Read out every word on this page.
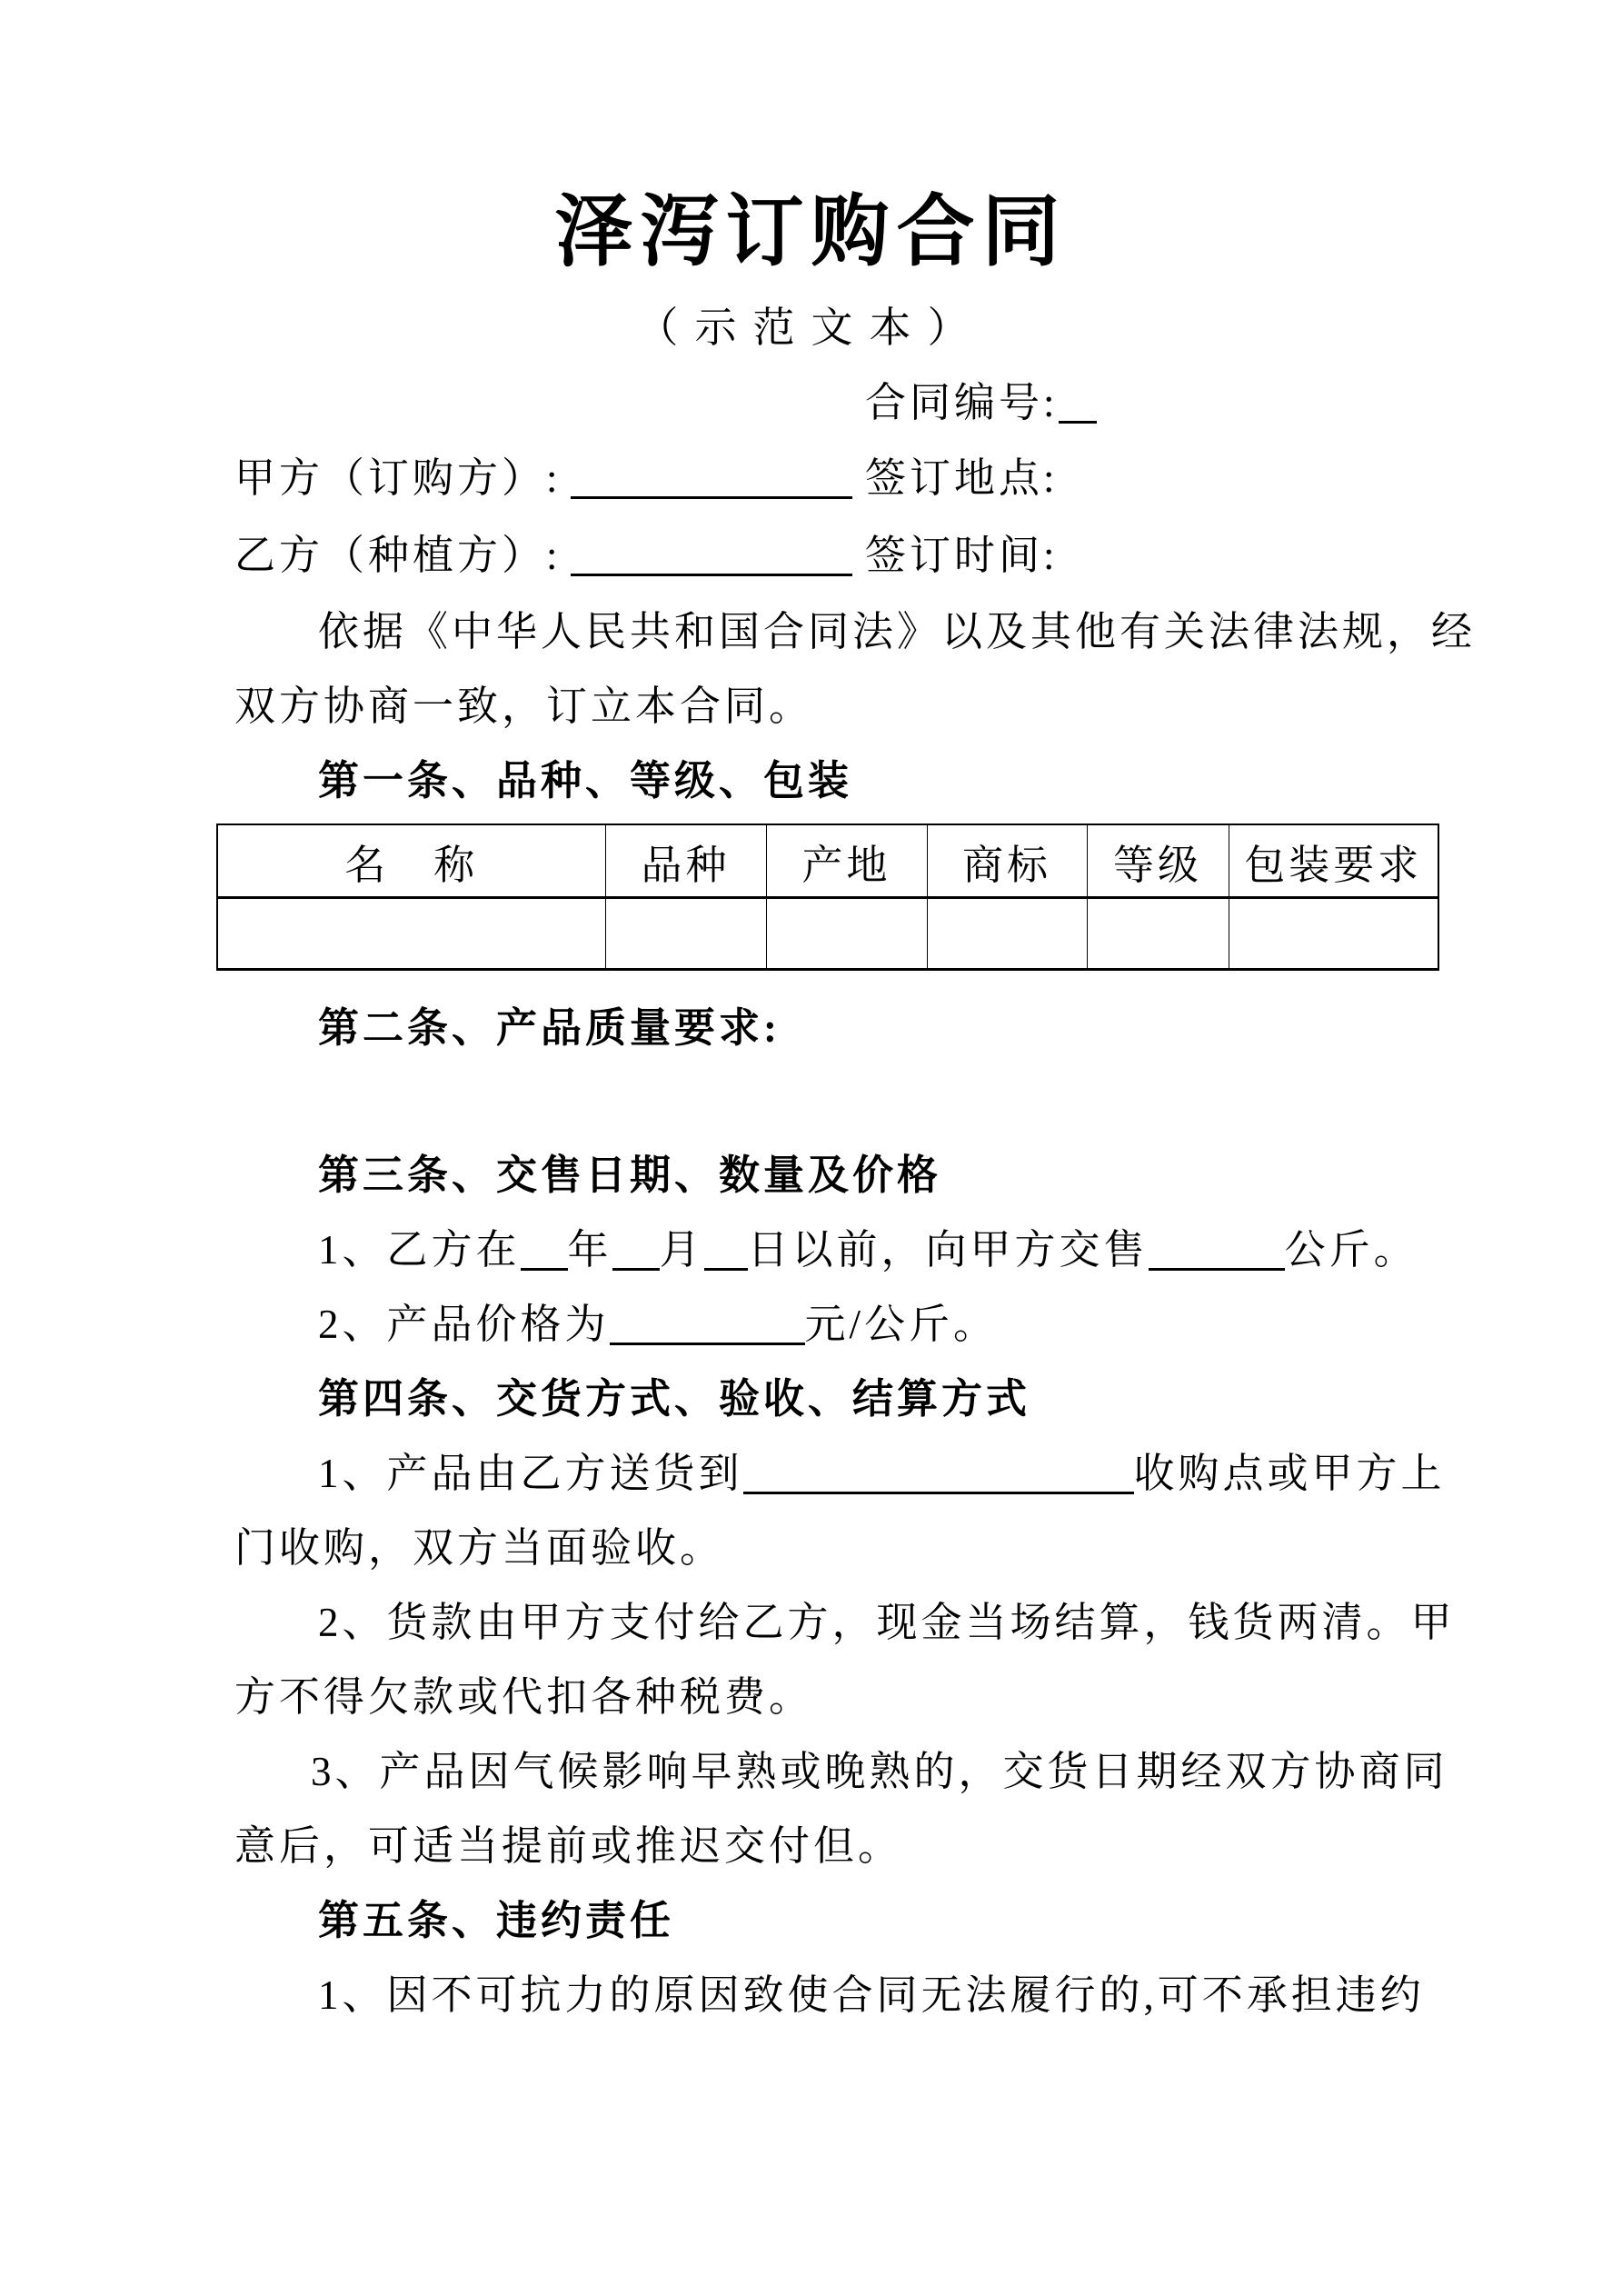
泽泻订购合同
（示范文本）
合同编号:
甲方（订购方）:	签订地点:
乙方（种植方）:	签订时间:
依据《中华人民共和国合同法》以及其他有关法律法规，经
双方协商一致，订立本合同。
第一条、品种、等级、包装
名　称	品种	产地	商标	等级	包装要求

第二条、产品质量要求:
第三条、交售日期、数量及价格
1、乙方在 年 月 日以前，向甲方交售	公斤。
2、产品价格为	元/公斤。
第四条、交货方式、验收、结算方式
1、产品由乙方送货到	收购点或甲方上
门收购，双方当面验收。
2、货款由甲方支付给乙方，现金当场结算，钱货两清。甲
方不得欠款或代扣各种税费。
3、产品因气候影响早熟或晚熟的，交货日期经双方协商同
意后，可适当提前或推迟交付但。
第五条、违约责任
1、因不可抗力的原因致使合同无法履行的,可不承担违约
